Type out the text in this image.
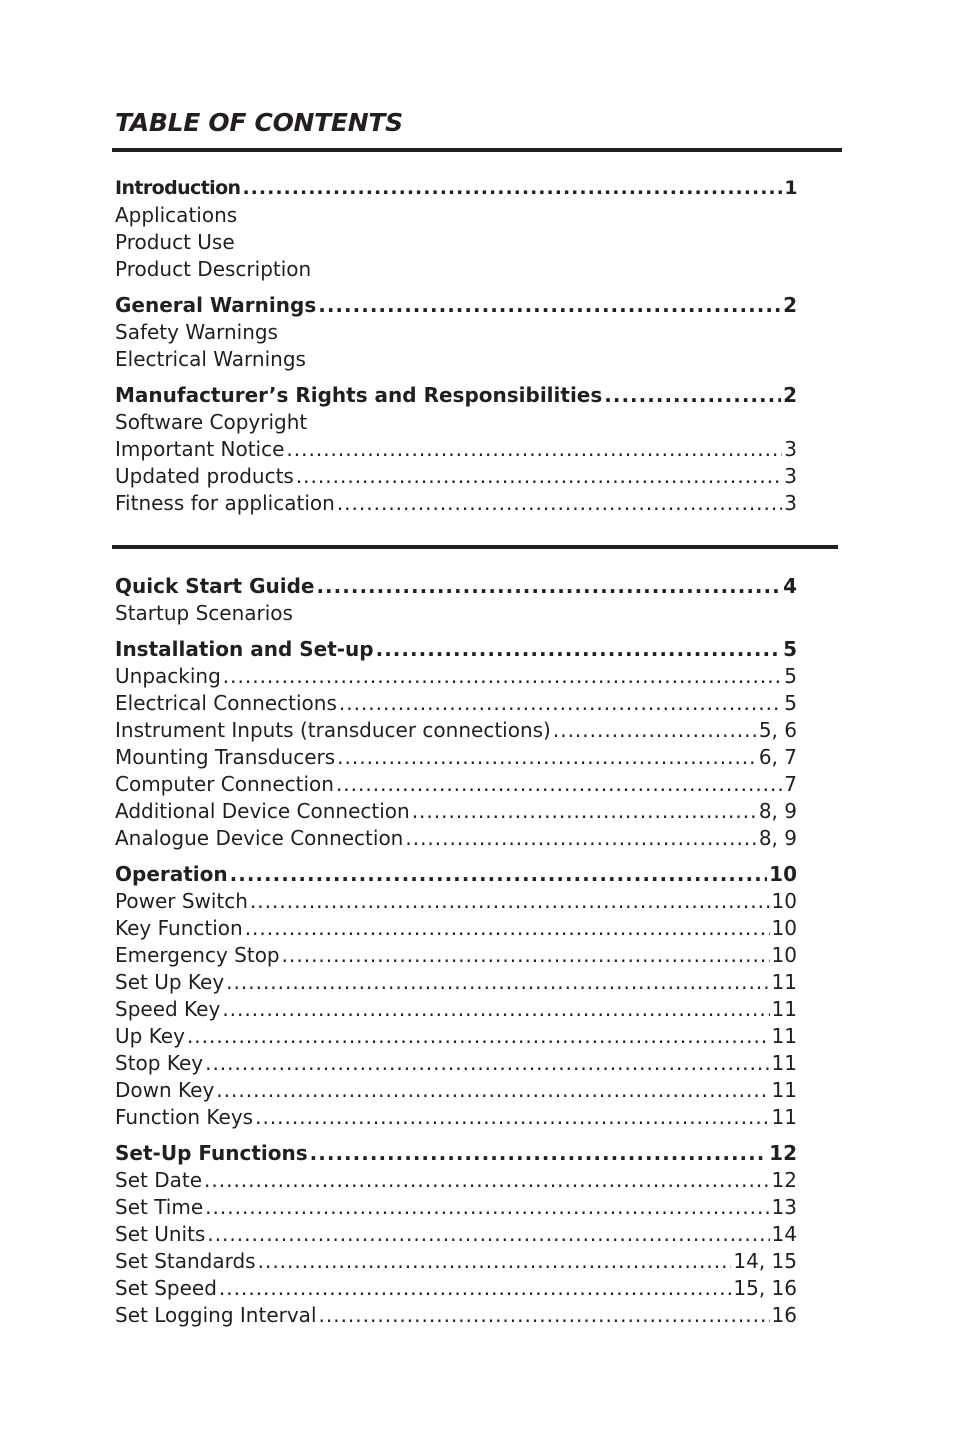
TABLE OF CONTENTS
Introduction .....	1
Applications
Product Use
Product Description
General Warnings .....	2
Safety Warnings
Electrical Warnings
Manufacturer’s Rights and Responsibilities .....	2
Software Copyright
Important Notice .....	3
Updated products .....	3
Fitness for application .....	3
Quick Start Guide .....	4
Startup Scenarios
Installation and Set-up .....	5
Unpacking .....	5
Electrical Connections .....	5
Instrument Inputs (transducer connections) .....	5, 6
Mounting Transducers .....	6, 7
Computer Connection .....	7
Additional Device Connection .....	8, 9
Analogue Device Connection .....	8, 9
Operation .....	10
Power Switch .....	10
Key Function .....	10
Emergency Stop .....	10
Set Up Key .....	11
Speed Key .....	11
Up Key .....	11
Stop Key .....	11
Down Key .....	11
Function Keys .....	11
Set-Up Functions .....	12
Set Date .....	12
Set Time .....	13
Set Units .....	14
Set Standards .....	14, 15
Set Speed .....	15, 16
Set Logging Interval .....	16
